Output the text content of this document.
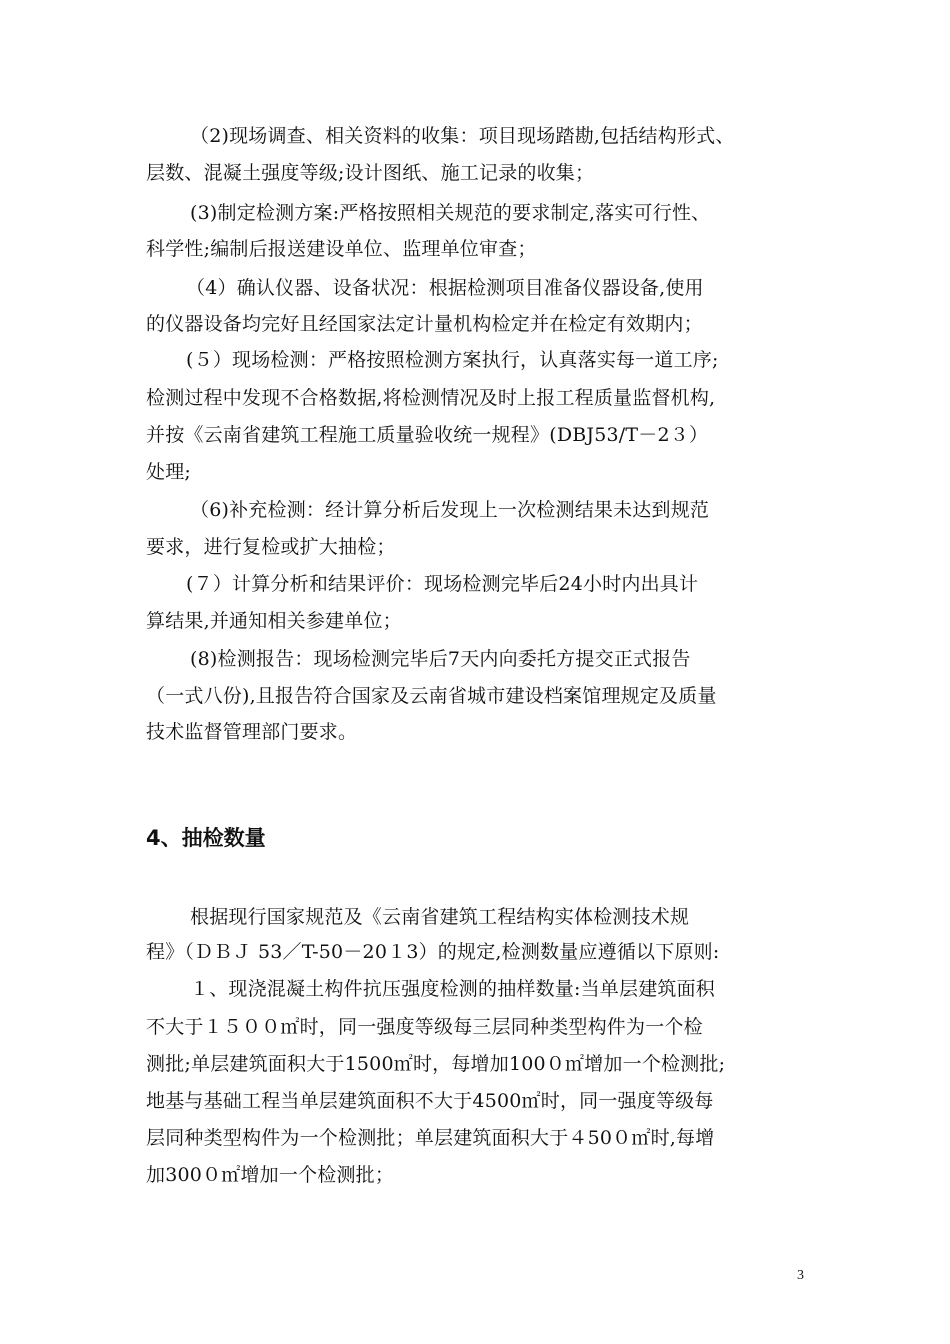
（2)现场调查、相关资料的收集：项目现场踏勘,包括结构形式、
层数、混凝土强度等级;设计图纸、施工记录的收集；
(3)制定检测方案:严格按照相关规范的要求制定,落实可行性、
科学性;编制后报送建设单位、监理单位审查；
（4）确认仪器、设备状况：根据检测项目准备仪器设备,使用
的仪器设备均完好且经国家法定计量机构检定并在检定有效期内；
(５）现场检测：严格按照检测方案执行，认真落实每一道工序;
检测过程中发现不合格数据,将检测情况及时上报工程质量监督机构,
并按《云南省建筑工程施工质量验收统一规程》(DBJ53/T－2３）
处理;
（6)补充检测：经计算分析后发现上一次检测结果未达到规范
要求，进行复检或扩大抽检；
(７）计算分析和结果评价：现场检测完毕后24小时内出具计
算结果,并通知相关参建单位；
(8)检测报告：现场检测完毕后7天内向委托方提交正式报告
（一式八份),且报告符合国家及云南省城市建设档案馆理规定及质量
技术监督管理部门要求。
4、抽检数量
根据现行国家规范及《云南省建筑工程结构实体检测技术规
程》（ＤＢＪ 53／T-50－20１3）的规定,检测数量应遵循以下原则:
１、现浇混凝土构件抗压强度检测的抽样数量:当单层建筑面积
不大于１５００㎡时，同一强度等级每三层同种类型构件为一个检
测批;单层建筑面积大于1500㎡时，每增加100０㎡增加一个检测批;
地基与基础工程当单层建筑面积不大于4500㎡时，同一强度等级每
层同种类型构件为一个检测批；单层建筑面积大于４50０㎡时,每增
加300０㎡增加一个检测批；
3
